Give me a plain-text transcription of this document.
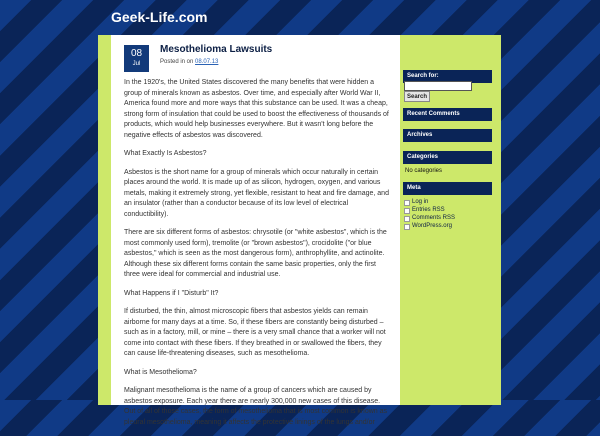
Geek-Life.com
08
Jul
Mesothelioma Lawsuits
Posted in on 08.07.13

In the 1920's, the United States discovered the many benefits that were hidden a group of minerals known as asbestos. Over time, and especially after World War II, America found more and more ways that this substance can be used. It was a cheap, strong form of insulation that could be used to boost the effectiveness of thousands of products, which would help businesses everywhere. But it wasn't long before the negative effects of asbestos was discovered.

What Exactly Is Asbestos?

Asbestos is the short name for a group of minerals which occur naturally in certain places around the world. It is made up of as silicon, hydrogen, oxygen, and various metals, making it extremely strong, yet flexible, resistant to heat and fire damage, and an insulator (rather than a conductor because of its low level of electrical conductibility).

There are six different forms of asbestos: chrysotile (or "white asbestos", which is the most commonly used form), tremolite (or "brown asbestos"), crocidolite ("or blue asbestos," which is seen as the most dangerous form), anthrophyllite, and actinolite. Although these six different forms contain the same basic properties, only the first three were ideal for commercial and industrial use.

What Happens if I "Disturb" It?

If disturbed, the thin, almost microscopic fibers that asbestos yields can remain airborne for many days at a time. So, if these fibers are constantly being disturbed – such as in a factory, mill, or mine – there is a very small chance that a worker will not come into contact with these fibers. If they breathed in or swallowed the fibers, they can cause life-threatening diseases, such as mesothelioma.

What is Mesothelioma?

Malignant mesothelioma is the name of a group of cancers which are caused by asbestos exposure. Each year there are nearly 300,000 new cases of this disease. Out of all of those cases, the form of mesothelioma that is most common is known as pleural mesothelioma, meaning it affects the protective linings of the lungs and/or

Search for:
Recent Comments
Archives
Categories
No categories
Meta
Search
Log in
Entries RSS
Comments RSS
WordPress.org
